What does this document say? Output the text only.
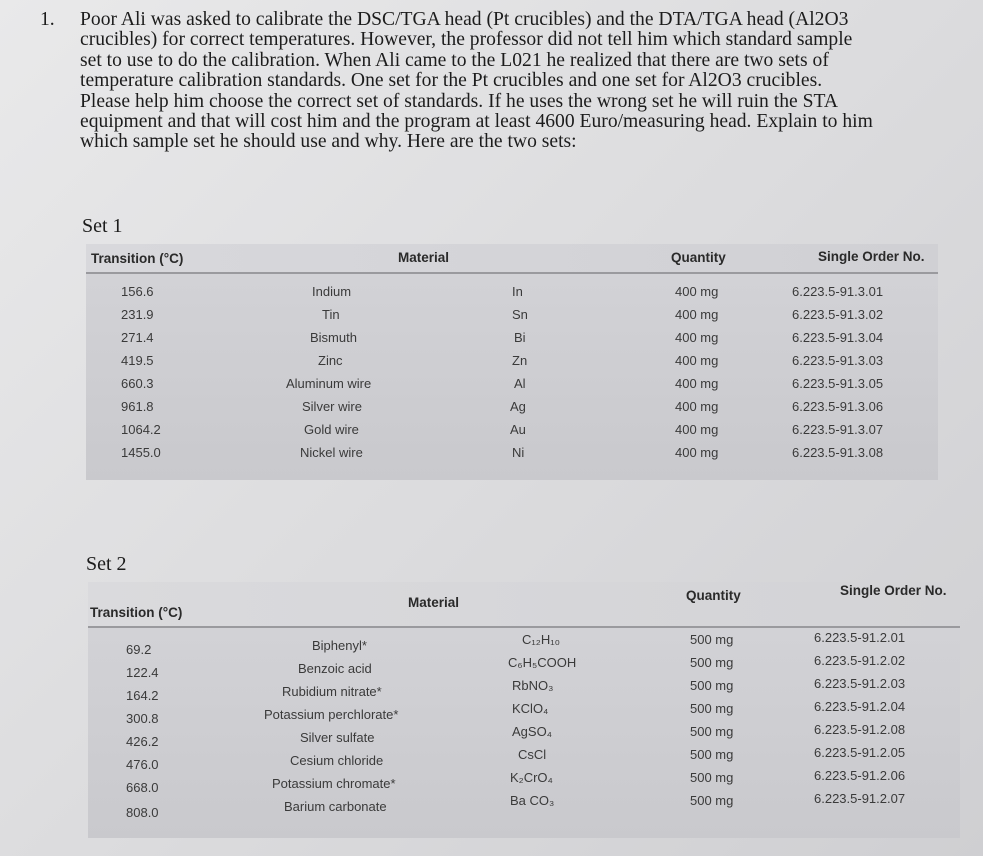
1. Poor Ali was asked to calibrate the DSC/TGA head (Pt crucibles) and the DTA/TGA head (Al2O3
crucibles) for correct temperatures. However, the professor did not tell him which standard sample
set to use to do the calibration. When Ali came to the L021 he realized that there are two sets of
temperature calibration standards. One set for the Pt crucibles and one set for Al2O3 crucibles.
Please help him choose the correct set of standards. If he uses the wrong set he will ruin the STA
equipment and that will cost him and the program at least 4600 Euro/measuring head. Explain to him
which sample set he should use and why. Here are the two sets:
Set 1
Transition (°C)	Material	Quantity	Single Order No.
156.6	Indium	In	400 mg	6.223.5-91.3.01
231.9	Tin	Sn	400 mg	6.223.5-91.3.02
271.4	Bismuth	Bi	400 mg	6.223.5-91.3.04
419.5	Zinc	Zn	400 mg	6.223.5-91.3.03
660.3	Aluminum wire	Al	400 mg	6.223.5-91.3.05
961.8	Silver wire	Ag	400 mg	6.223.5-91.3.06
1064.2	Gold wire	Au	400 mg	6.223.5-91.3.07
1455.0	Nickel wire	Ni	400 mg	6.223.5-91.3.08
Set 2
Transition (°C)
Material	Quantity	Single Order No.
69.2	Biphenyl*	C₁₂H₁₀	500 mg	6.223.5-91.2.01
122.4	Benzoic acid	C₆H₅COOH	500 mg	6.223.5-91.2.02
164.2	Rubidium nitrate*	RbNO₃	500 mg	6.223.5-91.2.03
300.8	Potassium perchlorate*	KClO₄	500 mg	6.223.5-91.2.04
426.2	Silver sulfate	AgSO₄	500 mg	6.223.5-91.2.08
476.0	Cesium chloride	CsCl	500 mg	6.223.5-91.2.05
668.0	Potassium chromate*	K₂CrO₄	500 mg	6.223.5-91.2.06
808.0	Barium carbonate	Ba CO₃	500 mg	6.223.5-91.2.07
